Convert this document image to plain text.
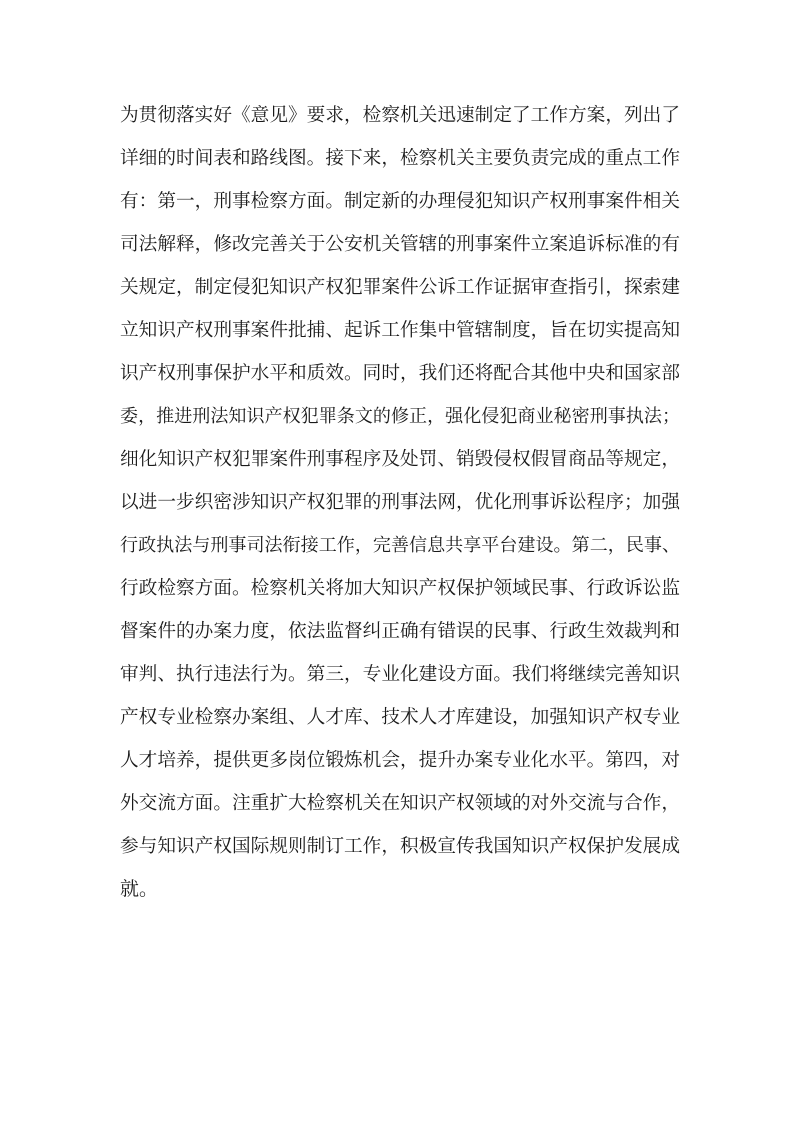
为贯彻落实好《意见》要求，检察机关迅速制定了工作方案，列出了
详细的时间表和路线图。接下来，检察机关主要负责完成的重点工作
有：第一，刑事检察方面。制定新的办理侵犯知识产权刑事案件相关
司法解释，修改完善关于公安机关管辖的刑事案件立案追诉标准的有
关规定，制定侵犯知识产权犯罪案件公诉工作证据审查指引，探索建
立知识产权刑事案件批捕、起诉工作集中管辖制度，旨在切实提高知
识产权刑事保护水平和质效。同时，我们还将配合其他中央和国家部
委，推进刑法知识产权犯罪条文的修正，强化侵犯商业秘密刑事执法；
细化知识产权犯罪案件刑事程序及处罚、销毁侵权假冒商品等规定，
以进一步织密涉知识产权犯罪的刑事法网，优化刑事诉讼程序；加强
行政执法与刑事司法衔接工作，完善信息共享平台建设。第二，民事、
行政检察方面。检察机关将加大知识产权保护领域民事、行政诉讼监
督案件的办案力度，依法监督纠正确有错误的民事、行政生效裁判和
审判、执行违法行为。第三，专业化建设方面。我们将继续完善知识
产权专业检察办案组、人才库、技术人才库建设，加强知识产权专业
人才培养，提供更多岗位锻炼机会，提升办案专业化水平。第四，对
外交流方面。注重扩大检察机关在知识产权领域的对外交流与合作，
参与知识产权国际规则制订工作，积极宣传我国知识产权保护发展成
就。
